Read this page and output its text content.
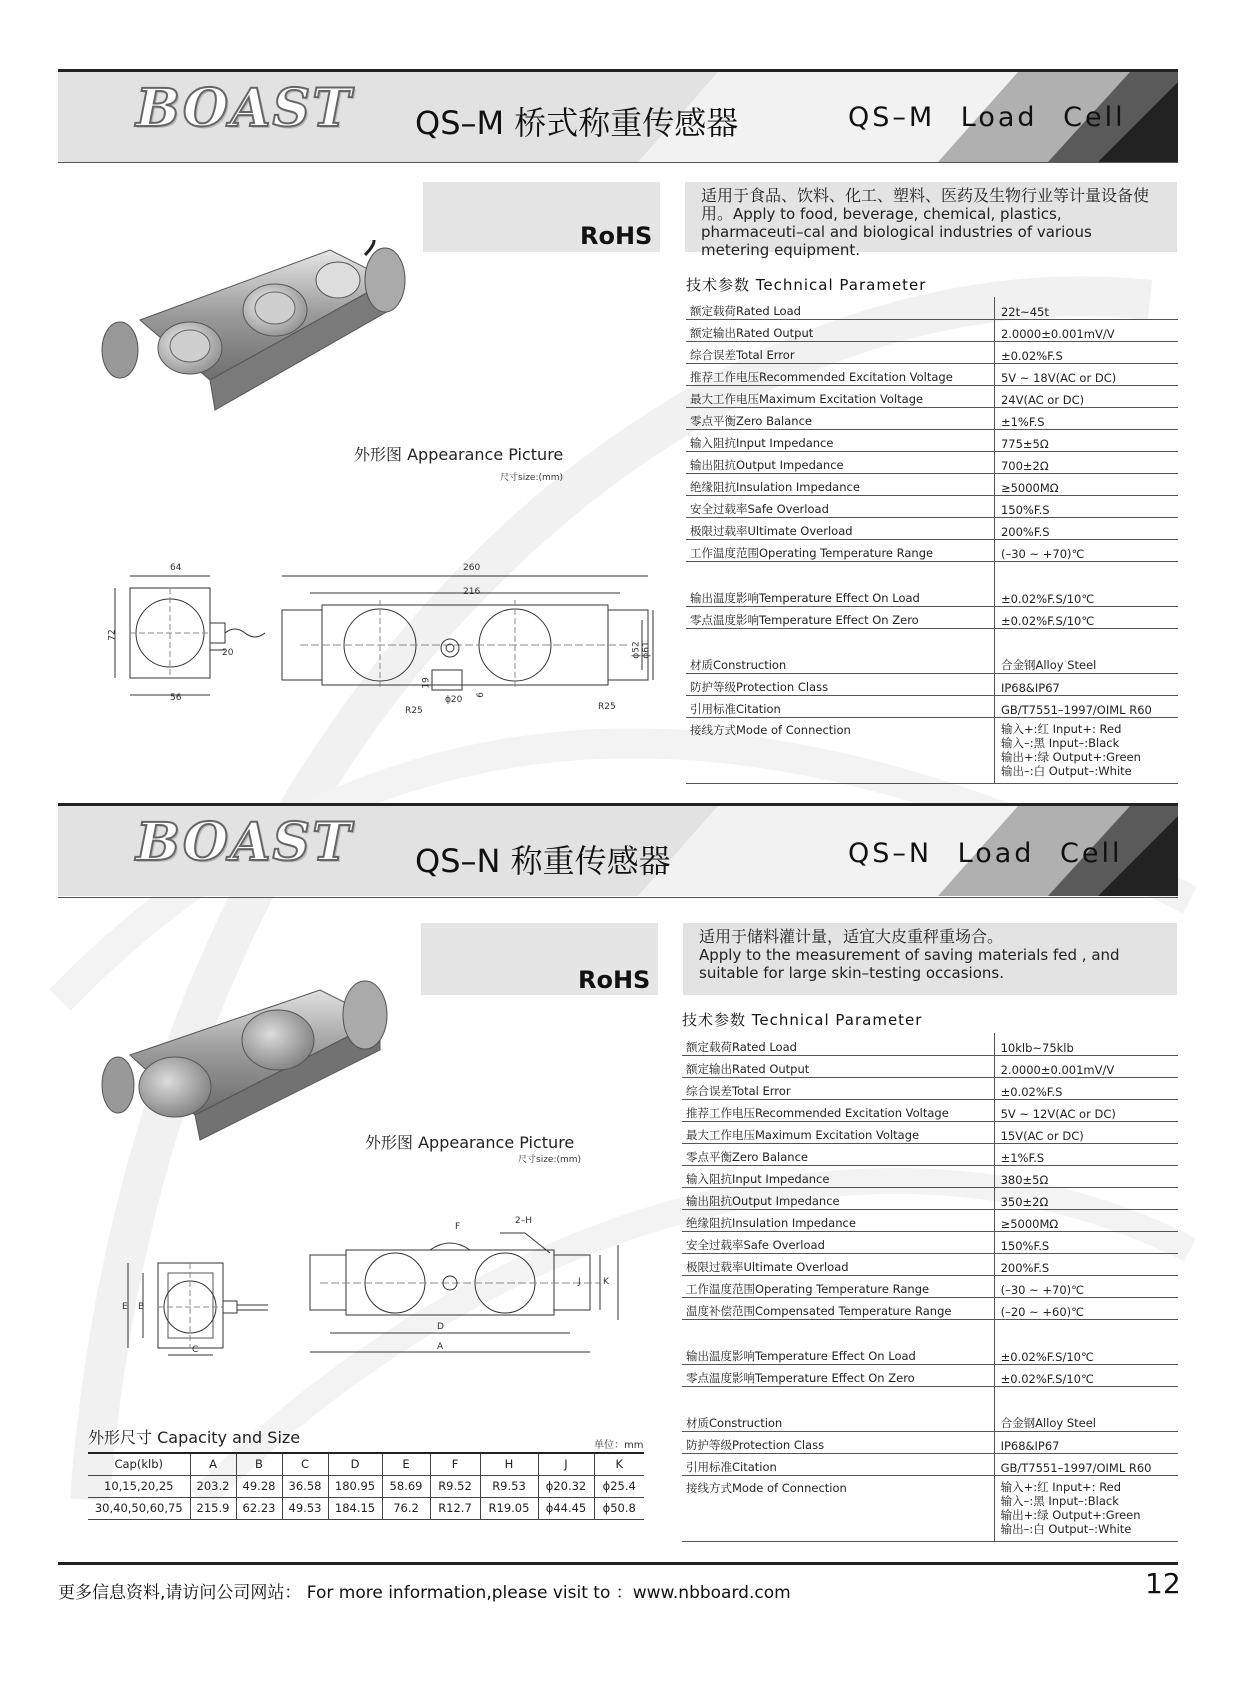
BOAST QS–M 桥式称重传感器	QS–M Load Cell
RoHS
适用于食品、饮料、化工、塑料、医药及生物行业等计量设备使用。Apply to food, beverage, chemical, plastics, pharmaceuti–cal and biological industries of various metering equipment.
外形图 Appearance Picture
尺寸size:(mm)
64
72
20
56
260
216
ϕ52 ϕ61
19
6
ϕ20
R25	R25
技术参数 Technical Parameter
额定载荷Rated Load	22t~45t
额定输出Rated Output	2.0000±0.001mV/V
综合误差Total Error	±0.02%F.S
推荐工作电压Recommended Excitation Voltage	5V ~ 18V(AC or DC)
最大工作电压Maximum Excitation Voltage	24V(AC or DC)
零点平衡Zero Balance	±1%F.S
输入阻抗Input Impedance	775±5Ω
输出阻抗Output Impedance	700±2Ω
绝缘阻抗Insulation Impedance	≥5000MΩ
安全过载率Safe Overload	150%F.S
极限过载率Ultimate Overload	200%F.S
工作温度范围Operating Temperature Range	(–30 ~ +70)℃
输出温度影响Temperature Effect On Load	±0.02%F.S/10℃
零点温度影响Temperature Effect On Zero	±0.02%F.S/10℃
材质Construction	合金钢Alloy Steel
防护等级Protection Class	IP68&IP67
引用标准Citation	GB/T7551–1997/OIML R60
接线方式Mode of Connection	输入+:红 Input+: Red
输入–:黑 Input–:Black
输出+:绿 Output+:Green
输出–:白 Output–:White
BOAST QS–N 称重传感器	QS–N Load Cell
RoHS
适用于储料灌计量，适宜大皮重秤重场合。
Apply to the measurement of saving materials fed , and suitable for large skin–testing occasions.
外形图 Appearance Picture
尺寸size:(mm)
E B
C
D
A
F
2–H
J K
技术参数 Technical Parameter
额定载荷Rated Load	10klb~75klb
额定输出Rated Output	2.0000±0.001mV/V
综合误差Total Error	±0.02%F.S
推荐工作电压Recommended Excitation Voltage	5V ~ 12V(AC or DC)
最大工作电压Maximum Excitation Voltage	15V(AC or DC)
零点平衡Zero Balance	±1%F.S
输入阻抗Input Impedance	380±5Ω
输出阻抗Output Impedance	350±2Ω
绝缘阻抗Insulation Impedance	≥5000MΩ
安全过载率Safe Overload	150%F.S
极限过载率Ultimate Overload	200%F.S
工作温度范围Operating Temperature Range	(–30 ~ +70)℃
温度补偿范围Compensated Temperature Range	(–20 ~ +60)℃
输出温度影响Temperature Effect On Load	±0.02%F.S/10℃
零点温度影响Temperature Effect On Zero	±0.02%F.S/10℃
材质Construction	合金钢Alloy Steel
防护等级Protection Class	IP68&IP67
引用标准Citation	GB/T7551–1997/OIML R60
接线方式Mode of Connection	输入+:红 Input+: Red
输入–:黑 Input–:Black
输出+:绿 Output+:Green
输出–:白 Output–:White
外形尺寸 Capacity and Size	单位：mm
Cap(klb)	A	B	C	D	E	F	H	J	K
10,15,20,25	203.2	49.28	36.58	180.95	58.69	R9.52	R9.53	ϕ20.32	ϕ25.4
30,40,50,60,75	215.9	62.23	49.53	184.15	76.2	R12.7	R19.05	ϕ44.45	ϕ50.8
更多信息资料,请访问公司网站： For more information,please visit to ：www.nbboard.com	12
